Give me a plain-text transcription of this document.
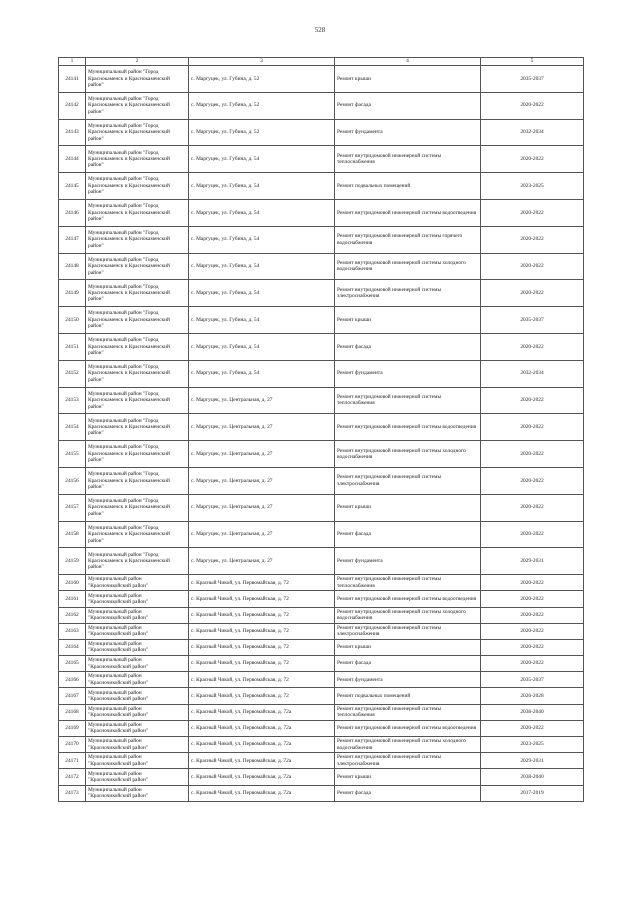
528
1	2	3	4	5
24141	Муниципальный район "Город Краснокаменск и Краснокаменский район"	с. Маргуцек, ул. Губина, д. 52	Ремонт крыши	2035-2037
24142	Муниципальный район "Город Краснокаменск и Краснокаменский район"	с. Маргуцек, ул. Губина, д. 52	Ремонт фасада	2020-2022
24143	Муниципальный район "Город Краснокаменск и Краснокаменский район"	с. Маргуцек, ул. Губина, д. 52	Ремонт фундамента	2032-2034
24144	Муниципальный район "Город Краснокаменск и Краснокаменский район"	с. Маргуцек, ул. Губина, д. 54	Ремонт внутридомовой инженерной системы теплоснабжения	2020-2022
24145	Муниципальный район "Город Краснокаменск и Краснокаменский район"	с. Маргуцек, ул. Губина, д. 54	Ремонт подвальных помещений	2023-2025
24146	Муниципальный район "Город Краснокаменск и Краснокаменский район"	с. Маргуцек, ул. Губина, д. 54	Ремонт внутридомовой инженерной системы водоотведения	2020-2022
24147	Муниципальный район "Город Краснокаменск и Краснокаменский район"	с. Маргуцек, ул. Губина, д. 54	Ремонт внутридомовой инженерной системы горячего водоснабжения	2020-2022
24148	Муниципальный район "Город Краснокаменск и Краснокаменский район"	с. Маргуцек, ул. Губина, д. 54	Ремонт внутридомовой инженерной системы холодного водоснабжения	2020-2022
24149	Муниципальный район "Город Краснокаменск и Краснокаменский район"	с. Маргуцек, ул. Губина, д. 54	Ремонт внутридомовой инженерной системы электроснабжения	2020-2022
24150	Муниципальный район "Город Краснокаменск и Краснокаменский район"	с. Маргуцек, ул. Губина, д. 54	Ремонт крыши	2035-2037
24151	Муниципальный район "Город Краснокаменск и Краснокаменский район"	с. Маргуцек, ул. Губина, д. 54	Ремонт фасада	2020-2022
24152	Муниципальный район "Город Краснокаменск и Краснокаменский район"	с. Маргуцек, ул. Губина, д. 54	Ремонт фундамента	2032-2034
24153	Муниципальный район "Город Краснокаменск и Краснокаменский район"	с. Маргуцек, ул. Центральная, д. 27	Ремонт внутридомовой инженерной системы теплоснабжения	2020-2022
24154	Муниципальный район "Город Краснокаменск и Краснокаменский район"	с. Маргуцек, ул. Центральная, д. 27	Ремонт внутридомовой инженерной системы водоотведения	2020-2022
24155	Муниципальный район "Город Краснокаменск и Краснокаменский район"	с. Маргуцек, ул. Центральная, д. 27	Ремонт внутридомовой инженерной системы холодного водоснабжения	2020-2022
24156	Муниципальный район "Город Краснокаменск и Краснокаменский район"	с. Маргуцек, ул. Центральная, д. 27	Ремонт внутридомовой инженерной системы электроснабжения	2020-2022
24157	Муниципальный район "Город Краснокаменск и Краснокаменский район"	с. Маргуцек, ул. Центральная, д. 27	Ремонт крыши	2020-2022
24158	Муниципальный район "Город Краснокаменск и Краснокаменский район"	с. Маргуцек, ул. Центральная, д. 27	Ремонт фасада	2020-2022
24159	Муниципальный район "Город Краснокаменск и Краснокаменский район"	с. Маргуцек, ул. Центральная, д. 27	Ремонт фундамента	2029-2031
24160	Муниципальный район "Красночикойский район"	с. Красный Чикой, ул. Первомайская, д. 72	Ремонт внутридомовой инженерной системы теплоснабжения	2020-2022
24161	Муниципальный район "Красночикойский район"	с. Красный Чикой, ул. Первомайская, д. 72	Ремонт внутридомовой инженерной системы водоотведения	2020-2022
24162	Муниципальный район "Красночикойский район"	с. Красный Чикой, ул. Первомайская, д. 72	Ремонт внутридомовой инженерной системы холодного водоснабжения	2020-2022
24163	Муниципальный район "Красночикойский район"	с. Красный Чикой, ул. Первомайская, д. 72	Ремонт внутридомовой инженерной системы электроснабжения	2020-2022
24164	Муниципальный район "Красночикойский район"	с. Красный Чикой, ул. Первомайская, д. 72	Ремонт крыши	2020-2022
24165	Муниципальный район "Красночикойский район"	с. Красный Чикой, ул. Первомайская, д. 72	Ремонт фасада	2020-2022
24166	Муниципальный район "Красночикойский район"	с. Красный Чикой, ул. Первомайская, д. 72	Ремонт фундамента	2035-2037
24167	Муниципальный район "Красночикойский район"	с. Красный Чикой, ул. Первомайская, д. 72	Ремонт подвальных помещений	2026-2028
24168	Муниципальный район "Красночикойский район"	с. Красный Чикой, ул. Первомайская, д. 72а	Ремонт внутридомовой инженерной системы теплоснабжения	2038-2040
24169	Муниципальный район "Красночикойский район"	с. Красный Чикой, ул. Первомайская, д. 72а	Ремонт внутридомовой инженерной системы водоотведения	2020-2022
24170	Муниципальный район "Красночикойский район"	с. Красный Чикой, ул. Первомайская, д. 72а	Ремонт внутридомовой инженерной системы холодного водоснабжения	2023-2025
24171	Муниципальный район "Красночикойский район"	с. Красный Чикой, ул. Первомайская, д. 72а	Ремонт внутридомовой инженерной системы электроснабжения	2029-2031
24172	Муниципальный район "Красночикойский район"	с. Красный Чикой, ул. Первомайская, д. 72а	Ремонт крыши	2038-2040
24173	Муниципальный район "Красночикойский район"	с. Красный Чикой, ул. Первомайская, д. 72а	Ремонт фасада	2017-2019
